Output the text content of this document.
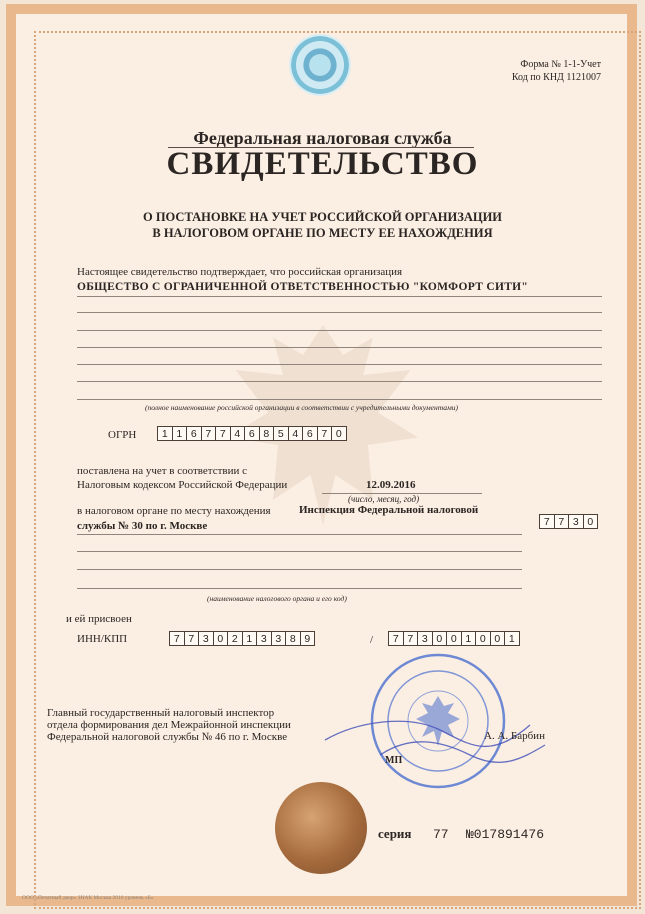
Форма № 1-1-Учет
Код по КНД 1121007
Федеральная налоговая служба
СВИДЕТЕЛЬСТВО
О ПОСТАНОВКЕ НА УЧЕТ РОССИЙСКОЙ ОРГАНИЗАЦИИ
В НАЛОГОВОМ ОРГАНЕ ПО МЕСТУ ЕЕ НАХОЖДЕНИЯ
Настоящее свидетельство подтверждает, что российская организация
ОБЩЕСТВО С ОГРАНИЧЕННОЙ ОТВЕТСТВЕННОСТЬЮ "КОМФОРТ СИТИ"
(полное наименование российской организации в соответствии с учредительными документами)
ОГРН	1 1 6 7 7 4 6 8 5 4 6 7 0
поставлена на учет в соответствии с
Налоговым кодексом Российской Федерации	12.09.2016
(число, месяц, год)
в налоговом органе по месту нахождения	Инспекция Федеральной налоговой
службы № 30 по г. Москве	7 7 3 0
(наименование налогового органа и его код)
и ей присвоен
ИНН/КПП	7 7 3 0 2 1 3 3 8 9	/	7 7 3 0 0 1 0 0 1
Главный государственный налоговый инспектор
отдела формирования дел Межрайонной инспекции
Федеральной налоговой службы № 46 по г. Москве	А. А. Барбин
МП
серия 77 №017891476
ООО «Печатный двор» ЗНАК Москва 2016 уровень «Б»
